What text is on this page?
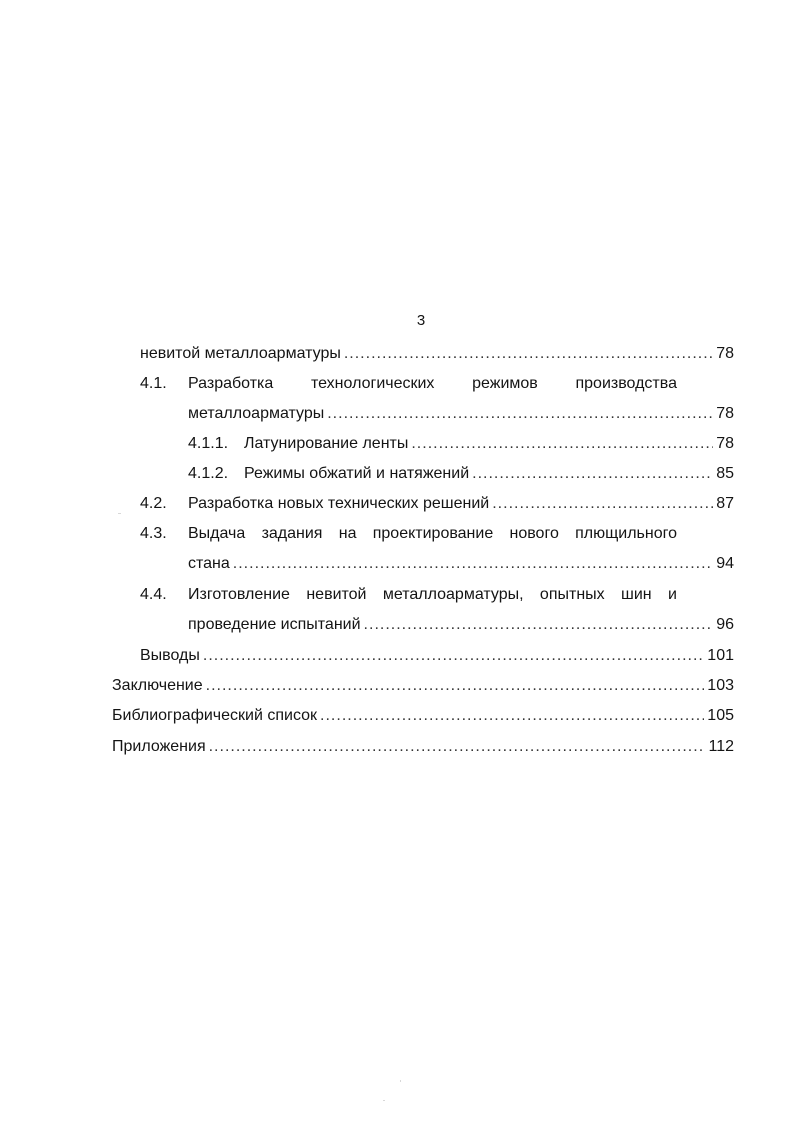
3
невитой металлоарматуры .....	78
4.1. Разработка технологических режимов производства
металлоарматуры .....	78
4.1.1. Латунирование ленты .....	78
4.1.2. Режимы обжатий и натяжений .....	85
4.2.	Разработка новых технических решений .....	87
4.3. Выдача задания на проектирование нового плющильного
стана .....	94
4.4. Изготовление невитой металлоарматуры, опытных шин и
проведение испытаний .....	96
Выводы .....	101
Заключение .....	103
Библиографический список .....	105
Приложения .....	112
